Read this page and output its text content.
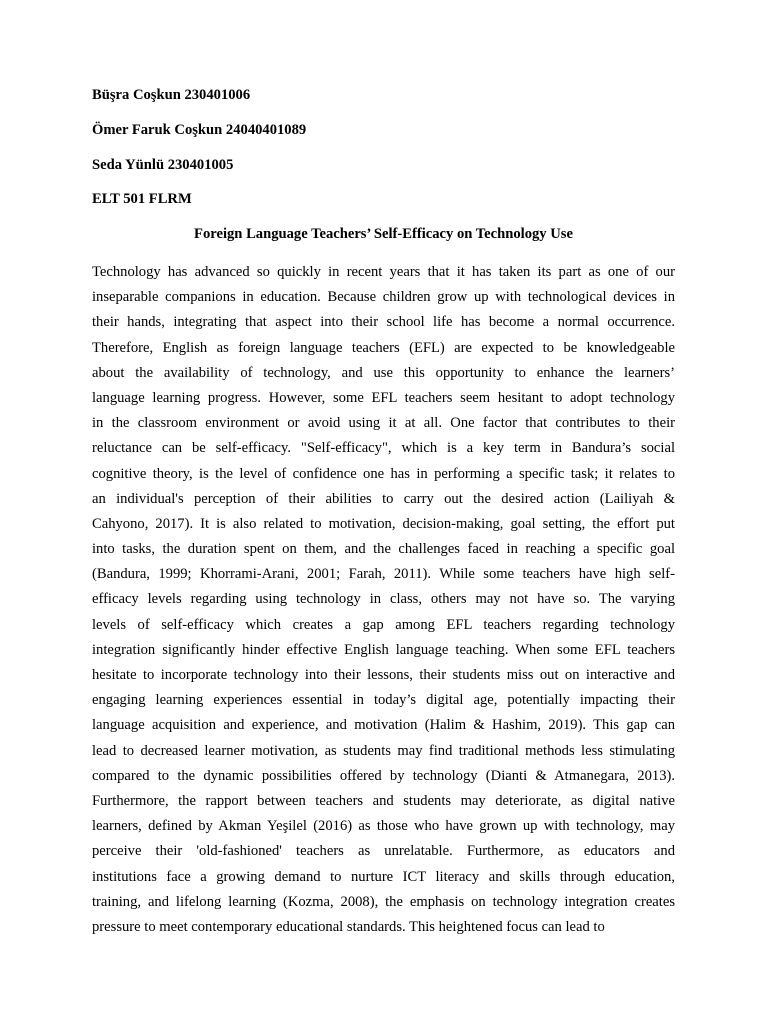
Büşra Coşkun 230401006
Ömer Faruk Coşkun 24040401089
Seda Yünlü 230401005
ELT 501 FLRM
Foreign Language Teachers’ Self-Efficacy on Technology Use
Technology has advanced so quickly in recent years that it has taken its part as one of our
inseparable companions in education. Because children grow up with technological devices in
their hands, integrating that aspect into their school life has become a normal occurrence.
Therefore, English as foreign language teachers (EFL) are expected to be knowledgeable
about the availability of technology, and use this opportunity to enhance the learners’
language learning progress. However, some EFL teachers seem hesitant to adopt technology
in the classroom environment or avoid using it at all. One factor that contributes to their
reluctance can be self-efficacy. "Self-efficacy", which is a key term in Bandura’s social
cognitive theory, is the level of confidence one has in performing a specific task; it relates to
an individual's perception of their abilities to carry out the desired action (Lailiyah &
Cahyono, 2017). It is also related to motivation, decision-making, goal setting, the effort put
into tasks, the duration spent on them, and the challenges faced in reaching a specific goal
(Bandura, 1999; Khorrami-Arani, 2001; Farah, 2011). While some teachers have high self-
efficacy levels regarding using technology in class, others may not have so. The varying
levels of self-efficacy which creates a gap among EFL teachers regarding technology
integration significantly hinder effective English language teaching. When some EFL teachers
hesitate to incorporate technology into their lessons, their students miss out on interactive and
engaging learning experiences essential in today’s digital age, potentially impacting their
language acquisition and experience, and motivation (Halim & Hashim, 2019). This gap can
lead to decreased learner motivation, as students may find traditional methods less stimulating
compared to the dynamic possibilities offered by technology (Dianti & Atmanegara, 2013).
Furthermore, the rapport between teachers and students may deteriorate, as digital native
learners, defined by Akman Yeşilel (2016) as those who have grown up with technology, may
perceive their 'old-fashioned' teachers as unrelatable. Furthermore, as educators and
institutions face a growing demand to nurture ICT literacy and skills through education,
training, and lifelong learning (Kozma, 2008), the emphasis on technology integration creates
pressure to meet contemporary educational standards. This heightened focus can lead to
